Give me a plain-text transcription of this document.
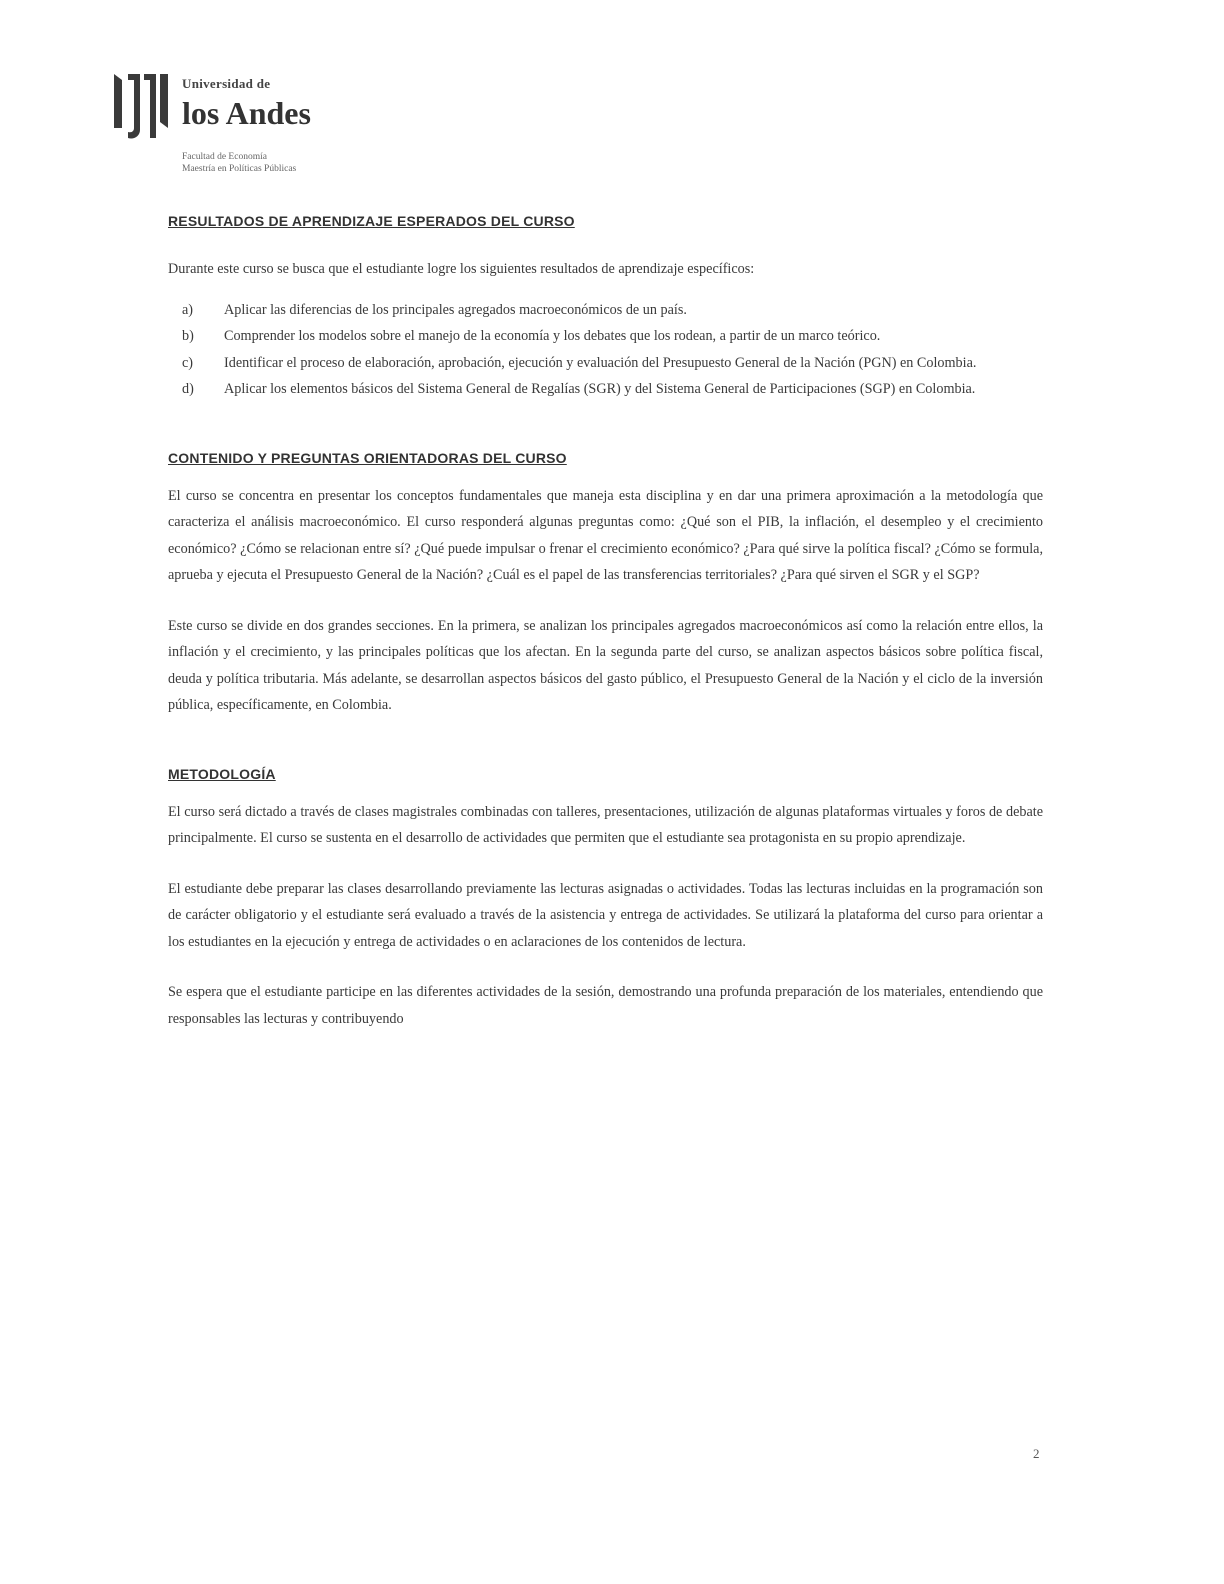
Universidad de
los Andes
Facultad de Economía
Maestría en Políticas Públicas
RESULTADOS DE APRENDIZAJE ESPERADOS DEL CURSO

Durante este curso se busca que el estudiante logre los siguientes resultados de aprendizaje específicos:

a) Aplicar las diferencias de los principales agregados macroeconómicos de un país.
b) Comprender los modelos sobre el manejo de la economía y los debates que los rodean, a partir de un marco teórico.
c) Identificar el proceso de elaboración, aprobación, ejecución y evaluación del Presupuesto General de la Nación (PGN) en Colombia.
d) Aplicar los elementos básicos del Sistema General de Regalías (SGR) y del Sistema General de Participaciones (SGP) en Colombia.
CONTENIDO Y PREGUNTAS ORIENTADORAS DEL CURSO

El curso se concentra en presentar los conceptos fundamentales que maneja esta disciplina y en dar una primera aproximación a la metodología que caracteriza el análisis macroeconómico. El curso responderá algunas preguntas como: ¿Qué son el PIB, la inflación, el desempleo y el crecimiento económico? ¿Cómo se relacionan entre sí? ¿Qué puede impulsar o frenar el crecimiento económico? ¿Para qué sirve la política fiscal? ¿Cómo se formula, aprueba y ejecuta el Presupuesto General de la Nación? ¿Cuál es el papel de las transferencias territoriales? ¿Para qué sirven el SGR y el SGP?

Este curso se divide en dos grandes secciones. En la primera, se analizan los principales agregados macroeconómicos así como la relación entre ellos, la inflación y el crecimiento, y las principales políticas que los afectan. En la segunda parte del curso, se analizan aspectos básicos sobre política fiscal, deuda y política tributaria. Más adelante, se desarrollan aspectos básicos del gasto público, el Presupuesto General de la Nación y el ciclo de la inversión pública, específicamente, en Colombia.

METODOLOGÍA

El curso será dictado a través de clases magistrales combinadas con talleres, presentaciones, utilización de algunas plataformas virtuales y foros de debate principalmente. El curso se sustenta en el desarrollo de actividades que permiten que el estudiante sea protagonista en su propio aprendizaje.

El estudiante debe preparar las clases desarrollando previamente las lecturas asignadas o actividades. Todas las lecturas incluidas en la programación son de carácter obligatorio y el estudiante será evaluado a través de la asistencia y entrega de actividades. Se utilizará la plataforma del curso para orientar a los estudiantes en la ejecución y entrega de actividades o en aclaraciones de los contenidos de lectura.

Se espera que el estudiante participe en las diferentes actividades de la sesión, demostrando una profunda preparación de los materiales, entendiendo que responsables las lecturas y contribuyendo

2
